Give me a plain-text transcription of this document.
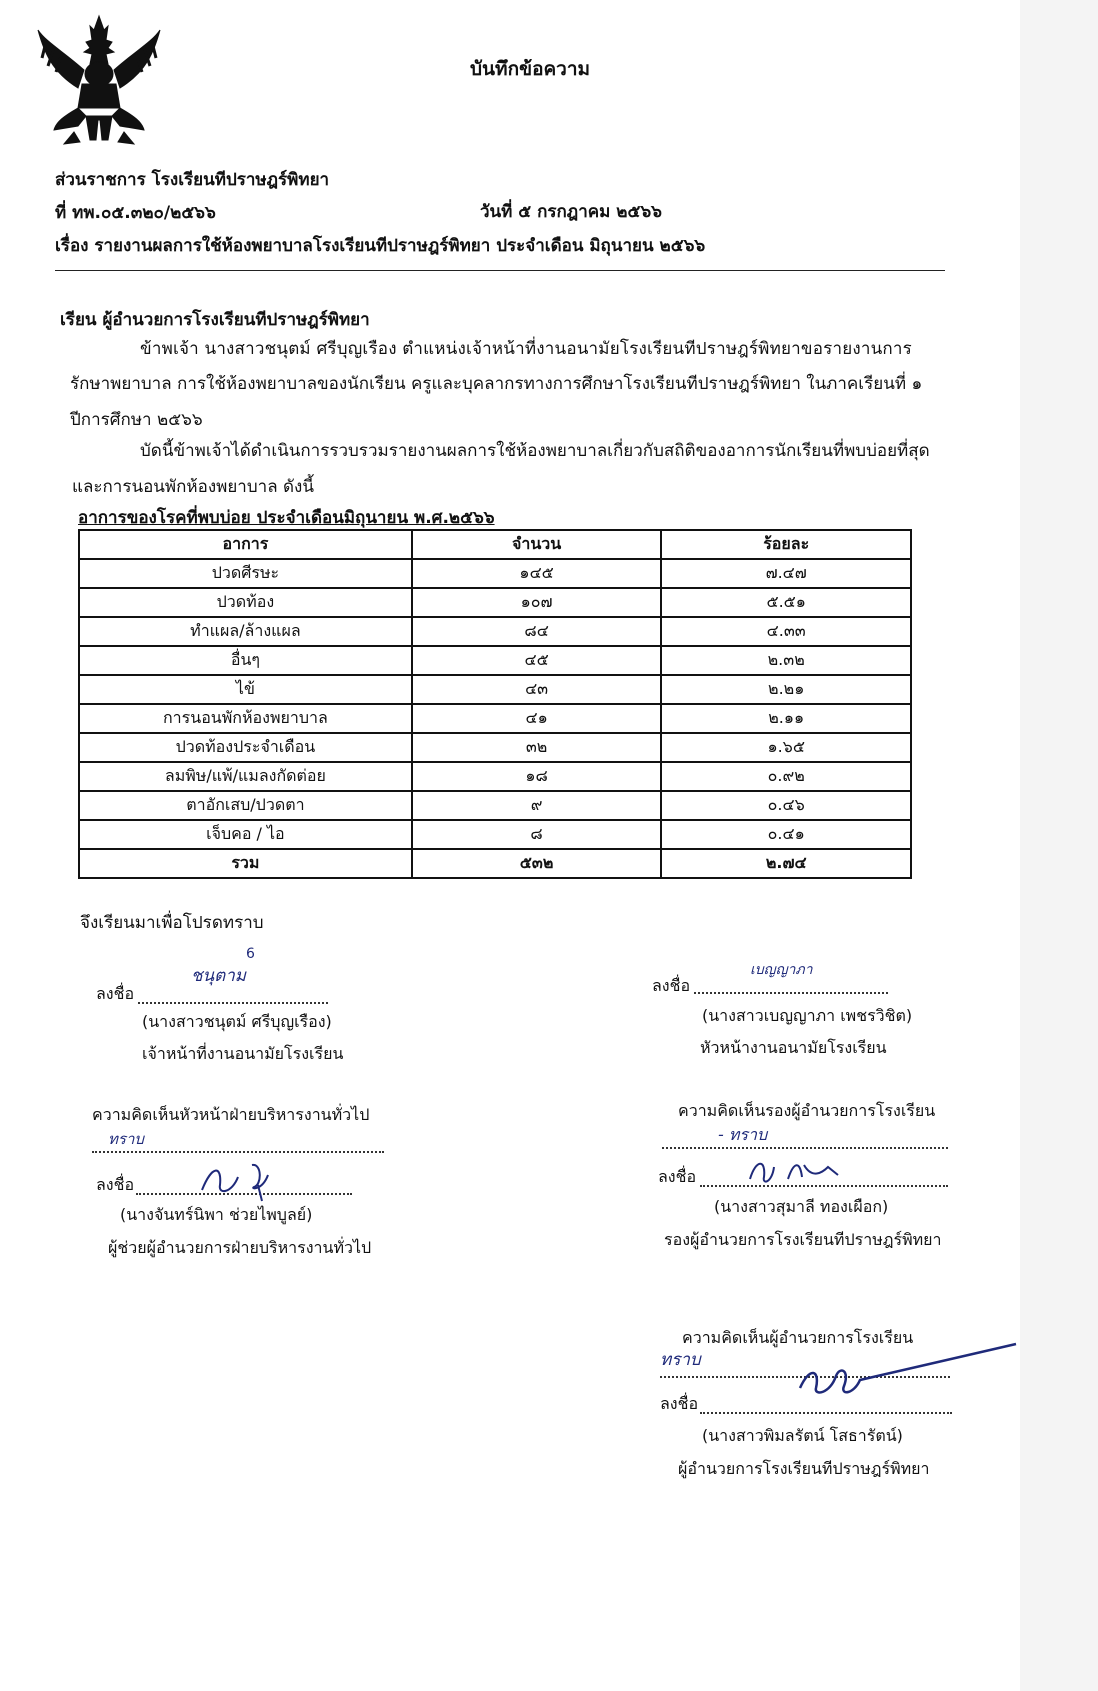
บันทึกข้อความ
ส่วนราชการ โรงเรียนทีปราษฎร์พิทยา
ที่ ทพ.๐๕.๓๒๐/๒๕๖๖	วันที่ ๕ กรกฎาคม ๒๕๖๖
เรื่อง รายงานผลการใช้ห้องพยาบาลโรงเรียนทีปราษฎร์พิทยา ประจำเดือน มิถุนายน ๒๕๖๖
เรียน ผู้อำนวยการโรงเรียนทีปราษฎร์พิทยา
ข้าพเจ้า นางสาวชนุตม์ ศรีบุญเรือง ตำแหน่งเจ้าหน้าที่งานอนามัยโรงเรียนทีปราษฎร์พิทยาขอรายงานการ
รักษาพยาบาล การใช้ห้องพยาบาลของนักเรียน ครูและบุคลากรทางการศึกษาโรงเรียนทีปราษฎร์พิทยา ในภาคเรียนที่ ๑
ปีการศึกษา ๒๕๖๖
บัดนี้ข้าพเจ้าได้ดำเนินการรวบรวมรายงานผลการใช้ห้องพยาบาลเกี่ยวกับสถิติของอาการนักเรียนที่พบบ่อยที่สุด
และการนอนพักห้องพยาบาล ดังนี้
อาการของโรคที่พบบ่อย ประจำเดือนมิถุนายน พ.ศ.๒๕๖๖
อาการ	จำนวน	ร้อยละ
ปวดศีรษะ	๑๔๕	๗.๔๗
ปวดท้อง	๑๐๗	๕.๕๑
ทำแผล/ล้างแผล	๘๔	๔.๓๓
อื่นๆ	๔๕	๒.๓๒
ไข้	๔๓	๒.๒๑
การนอนพักห้องพยาบาล	๔๑	๒.๑๑
ปวดท้องประจำเดือน	๓๒	๑.๖๕
ลมพิษ/แพ้/แมลงกัดต่อย	๑๘	๐.๙๒
ตาอักเสบ/ปวดตา	๙	๐.๔๖
เจ็บคอ / ไอ	๘	๐.๔๑
รวม	๕๓๒	๒.๗๔
จึงเรียนมาเพื่อโปรดทราบ
ลงชื่อ
ชนุตาม
6
(นางสาวชนุตม์ ศรีบุญเรือง)
เจ้าหน้าที่งานอนามัยโรงเรียน
ลงชื่อ
เบญญาภา
(นางสาวเบญญาภา เพชรวิชิต)
หัวหน้างานอนามัยโรงเรียน
ความคิดเห็นหัวหน้าฝ่ายบริหารงานทั่วไป
ทราบ
ลงชื่อ
(นางจันทร์นิพา ช่วยไพบูลย์)
ผู้ช่วยผู้อำนวยการฝ่ายบริหารงานทั่วไป
ความคิดเห็นรองผู้อำนวยการโรงเรียน
- ทราบ
ลงชื่อ
(นางสาวสุมาลี ทองเผือก)
รองผู้อำนวยการโรงเรียนทีปราษฎร์พิทยา
ความคิดเห็นผู้อำนวยการโรงเรียน
ทราบ
ลงชื่อ
(นางสาวพิมลรัตน์ โสธารัตน์)
ผู้อำนวยการโรงเรียนทีปราษฎร์พิทยา
